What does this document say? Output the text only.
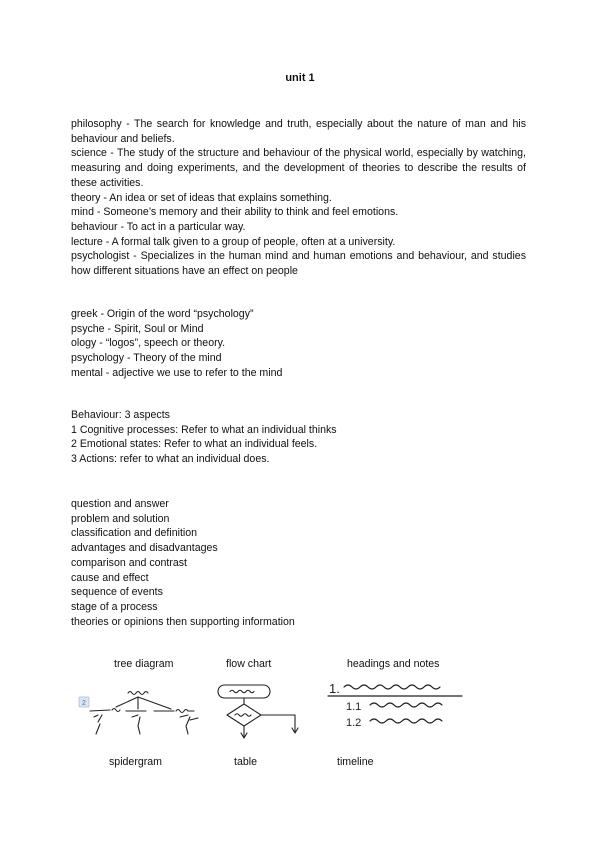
unit 1

philosophy - The search for knowledge and truth, especially about the nature of man and his behaviour and beliefs.

science - The study of the structure and behaviour of the physical world, especially by watching, measuring and doing experiments, and the development of theories to describe the results of these activities.

theory - An idea or set of ideas that explains something.

mind - Someone’s memory and their ability to think and feel emotions.

behaviour - To act in a particular way.

lecture - A formal talk given to a group of people, often at a university.

psychologist - Specializes in the human mind and human emotions and behaviour, and studies how different situations have an effect on people

greek - Origin of the word “psychology”
psyche - Spirit, Soul or Mind
ology - “logos”, speech or theory.
psychology - Theory of the mind
mental - adjective we use to refer to the mind
Behaviour: 3 aspects
1 Cognitive processes: Refer to what an individual thinks
2 Emotional states: Refer to what an individual feels.
3 Actions: refer to what an individual does.
question and answer
problem and solution
classification and definition
advantages and disadvantages
comparison and contrast
cause and effect
sequence of events
stage of a process
theories or opinions then supporting information
tree diagram	flow chart	headings and notes
2
1.
1.1
1.2
spidergram	table	timeline
